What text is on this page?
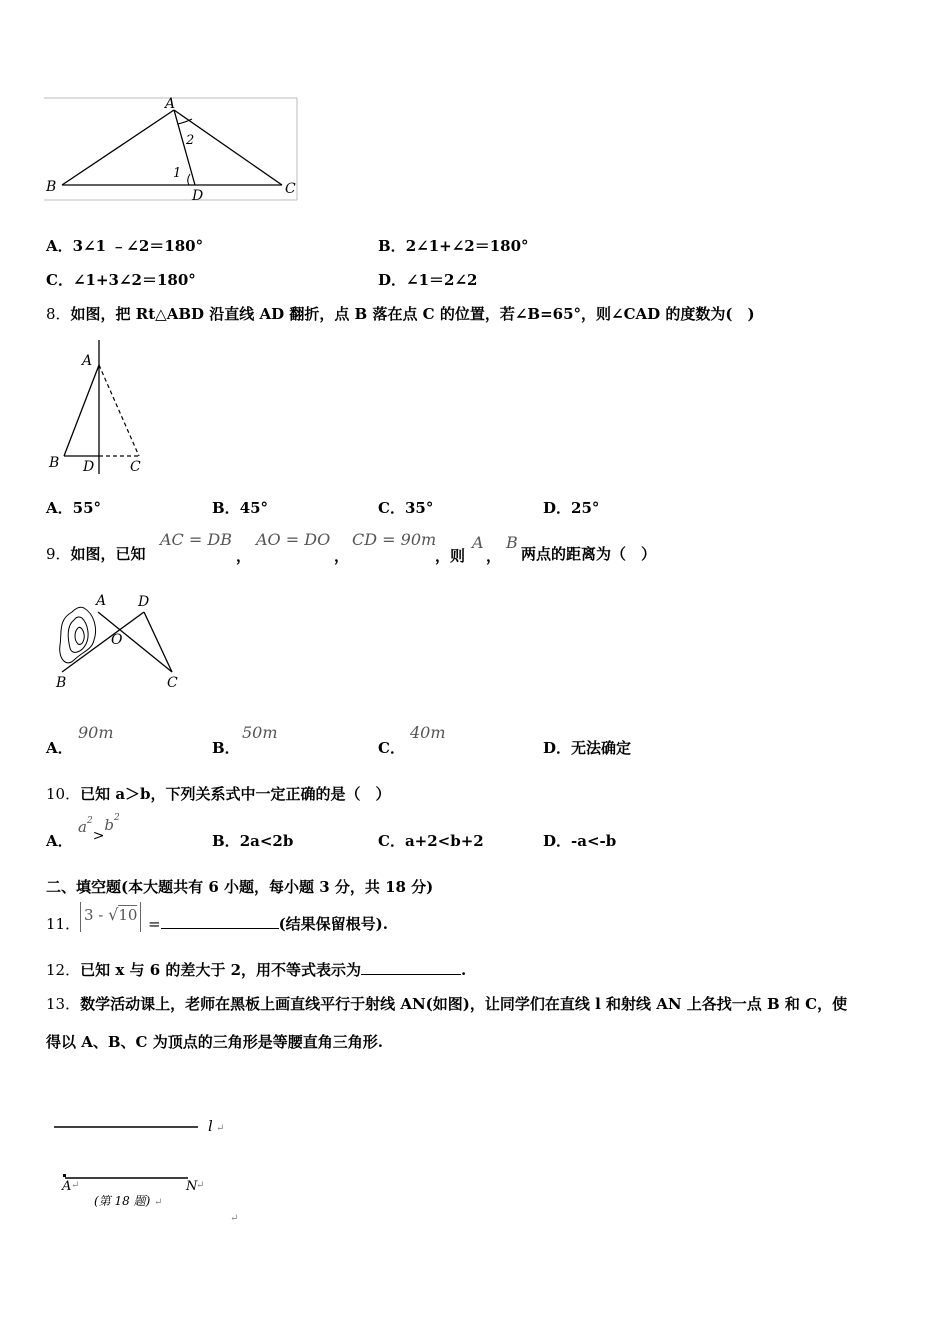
A
2
1
B
D	C
A．3∠1 ﹣∠2＝180°	B．2∠1+∠2＝180°
C．∠1+3∠2＝180°	D．∠1＝2∠2
8．如图，把 Rt△ABD 沿直线 AD 翻折，点 B 落在点 C 的位置，若∠B=65°，则∠CAD 的度数为(　)
A
B D	C
A．55°	B．45°	C．35°	D．25°
9．如图，已知
AC = DB
，
AO = DO
，
CD = 90m
，则
A
，
B
两点的距离为（　）
A D
O
B	C
A．
90m
B．
50m
C．
40m
D．无法确定
10．已知 a＞b，下列关系式中一定正确的是（　）
A．
$a^2>b^2$
B．2a<2b	C．a+2<b+2	D．-a<-b
二、填空题(本大题共有 6 小题，每小题 3 分，共 18 分)
11． 3 - √10 =	(结果保留根号).
12．已知 x 与 6 的差大于 2，用不等式表示为	.
13．数学活动课上，老师在黑板上画直线平行于射线 AN(如图)，让同学们在直线 l 和射线 AN 上各找一点 B 和 C，使
得以 A、B、C 为顶点的三角形是等腰直角三角形.
l ↵
A ↵	N
↵
(第 18 题) ↵
↵
